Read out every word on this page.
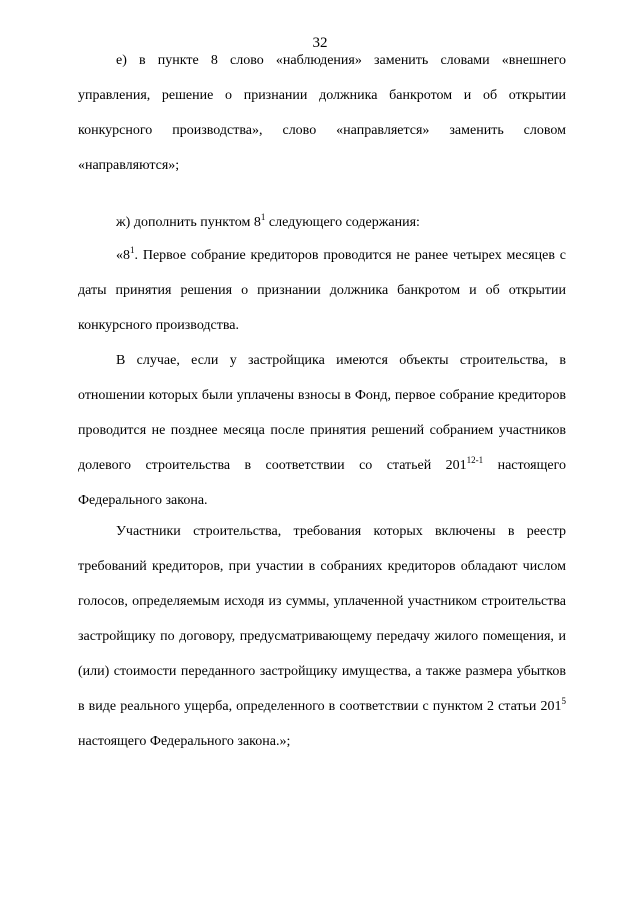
32

е) в пункте 8 слово «наблюдения» заменить словами «внешнего управления, решение о признании должника банкротом и об открытии конкурсного производства», слово «направляется» заменить словом «направляются»;

ж) дополнить пунктом $8^1$ следующего содержания:

«$8^1$. Первое собрание кредиторов проводится не ранее четырех месяцев с даты принятия решения о признании должника банкротом и об открытии конкурсного производства.

В случае, если у застройщика имеются объекты строительства, в отношении которых были уплачены взносы в Фонд, первое собрание кредиторов проводится не позднее месяца после принятия решений собранием участников долевого строительства в соответствии со статьей 201$^{12-1}$ настоящего Федерального закона.

Участники строительства, требования которых включены в реестр требований кредиторов, при участии в собраниях кредиторов обладают числом голосов, определяемым исходя из суммы, уплаченной участником строительства застройщику по договору, предусматривающему передачу жилого помещения, и (или) стоимости переданного застройщику имущества, а также размера убытков в виде реального ущерба, определенного в соответствии с пунктом 2 статьи $201^5$ настоящего Федерального закона.»;
